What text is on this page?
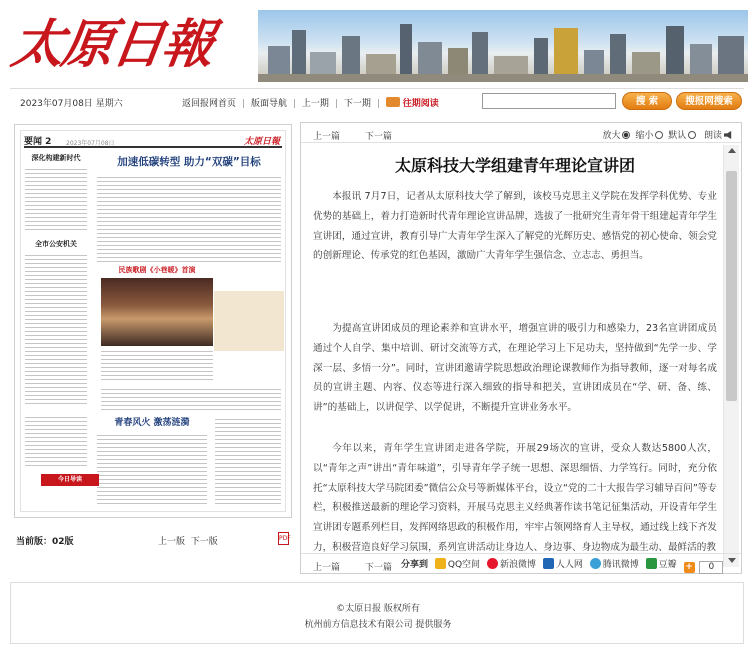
太原日報
2023年07月08日 星期六	返回报网首页 | 版面导航 | 上一期 | 下一期 |	往期阅读	搜 索	搜报网搜索
要闻 2 2023年07月08日	太原日報
深化构建新时代
全市公安机关
加速低碳转型 助力“双碳”目标
民族歌剧《小巷暖》首演
青春风火 激荡涟漪
今日导读
当前版：02版	上一版 下一版	PDF
上一篇	下一篇	放大 缩小 默认 朗读
太原科技大学组建青年理论宣讲团
本报讯 7月7日，记者从太原科技大学了解到，该校马克思主义学院在发挥学科优势、专业优势的基础上，着力打造新时代青年理论宣讲品牌，选拔了一批研究生青年骨干组建起青年学生宣讲团，通过宣讲，教育引导广大青年学生深入了解党的光辉历史、感悟党的初心使命、领会党的创新理论、传承党的红色基因，激励广大青年学生强信念、立志志、勇担当。
为提高宣讲团成员的理论素养和宣讲水平，增强宣讲的吸引力和感染力，23名宣讲团成员通过个人自学、集中培训、研讨交流等方式，在理论学习上下足功夫，坚持做到“先学一步、学深一层、多悟一分”。同时，宣讲团邀请学院思想政治理论课教师作为指导教师，逐一对每名成员的宣讲主题、内容、仪态等进行深入细致的指导和把关，宣讲团成员在“学、研、备、练、讲”的基础上，以讲促学、以学促讲，不断提升宣讲业务水平。
今年以来，青年学生宣讲团走进各学院，开展29场次的宣讲，受众人数达5800人次，以“青年之声”讲出“青年味道”，引导青年学子统一思想、深思细悟、力学笃行。同时，充分依托“太原科技大学马院团委”微信公众号等新媒体平台，设立“党的二十大报告学习辅导百问”等专栏，积极推送最新的理论学习资料，开展马克思主义经典著作读书笔记征集活动，开设青年学生宣讲团专题系列栏目，发挥网络思政的积极作用，牢牢占领网络育人主导权，通过线上线下齐发力，积极营造良好学习氛围，系列宣讲活动让身边人、身边事、身边物成为最生动、最鲜活的教
上一篇	下一篇	分享到 QQ空间 新浪微博 人人网 腾讯微博 豆瓣 + 0
©太原日报 版权所有
杭州前方信息技术有限公司 提供服务
